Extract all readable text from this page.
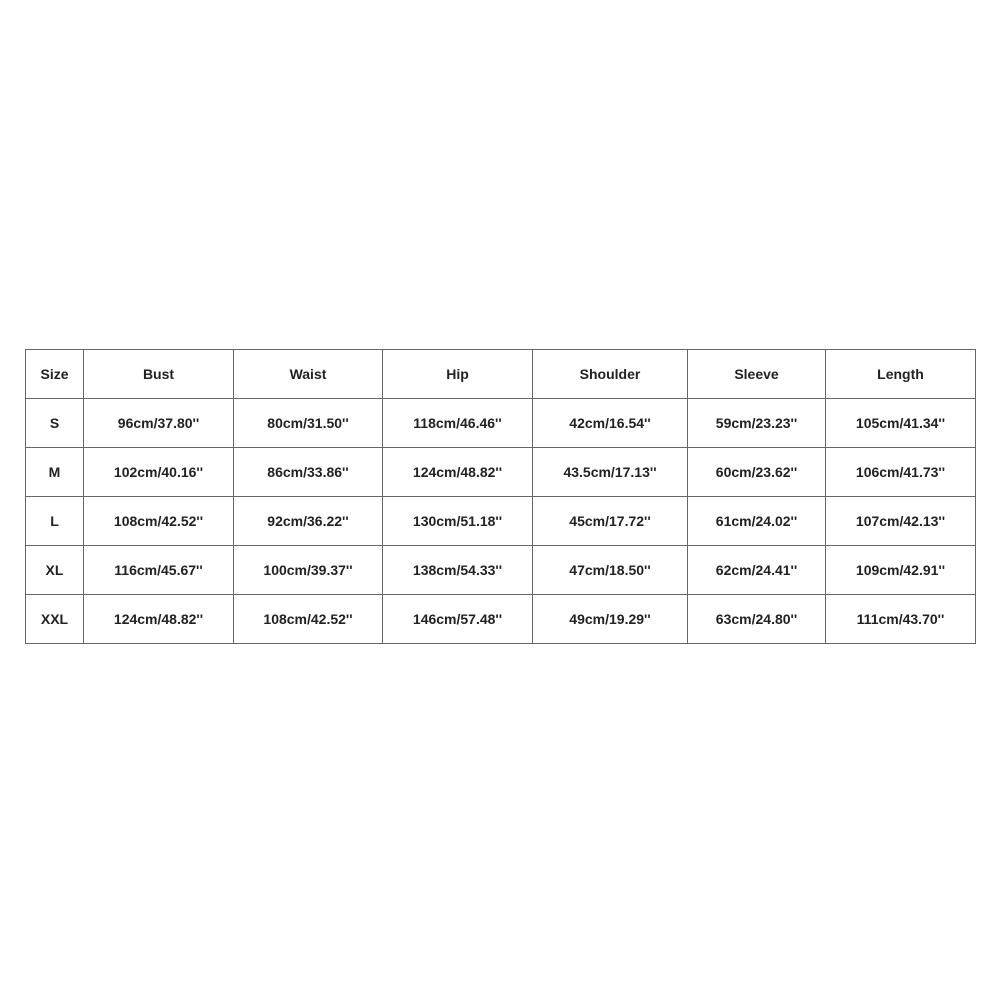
Size	Bust	Waist	Hip	Shoulder	Sleeve	Length
S	96cm/37.80''	80cm/31.50''	118cm/46.46''	42cm/16.54''	59cm/23.23''	105cm/41.34''
M	102cm/40.16''	86cm/33.86''	124cm/48.82''	43.5cm/17.13''	60cm/23.62''	106cm/41.73''
L	108cm/42.52''	92cm/36.22''	130cm/51.18''	45cm/17.72''	61cm/24.02''	107cm/42.13''
XL	116cm/45.67''	100cm/39.37''	138cm/54.33''	47cm/18.50''	62cm/24.41''	109cm/42.91''
XXL	124cm/48.82''	108cm/42.52''	146cm/57.48''	49cm/19.29''	63cm/24.80''	111cm/43.70''
